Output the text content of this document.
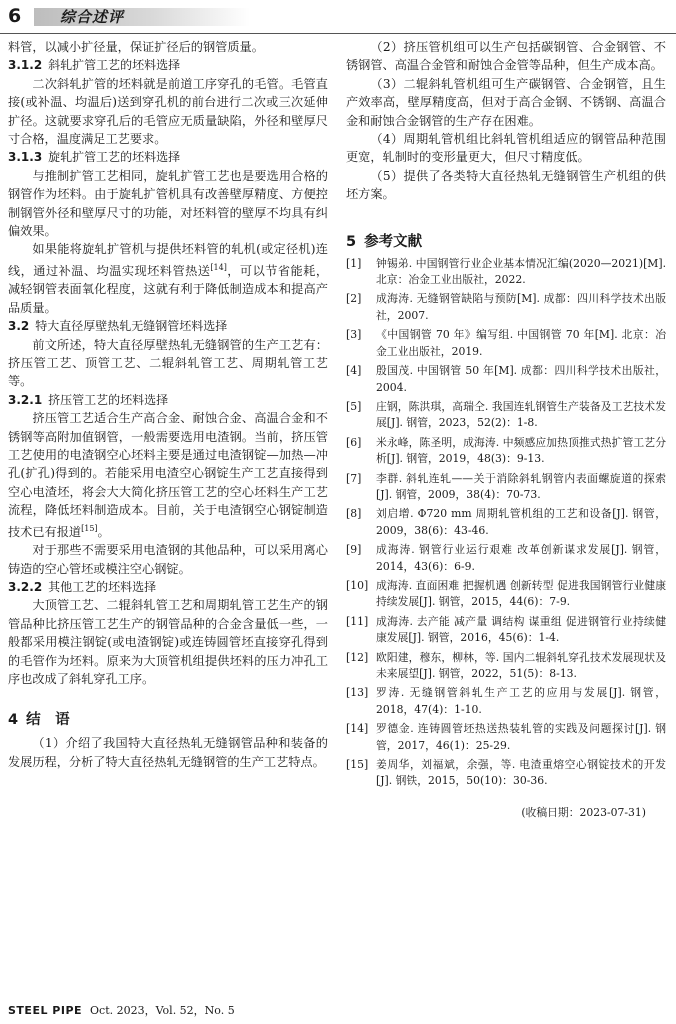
6	综合述评

料管，以减小扩径量，保证扩径后的钢管质量。

3.1.2 斜轧扩管工艺的坯料选择

二次斜轧扩管的坯料就是前道工序穿孔的毛管。毛管直接(或补温、均温后)送到穿孔机的前台进行二次或三次延伸扩径。这就要求穿孔后的毛管应无质量缺陷，外径和壁厚尺寸合格，温度满足工艺要求。

3.1.3 旋轧扩管工艺的坯料选择

与推制扩管工艺相同，旋轧扩管工艺也是要选用合格的钢管作为坯料。由于旋轧扩管机具有改善壁厚精度、方便控制钢管外径和壁厚尺寸的功能，对坯料管的壁厚不均具有纠偏效果。

如果能将旋轧扩管机与提供坯料管的轧机(或定径机)连线，通过补温、均温实现坯料管热送[14]，可以节省能耗，减轻钢管表面氧化程度，这就有利于降低制造成本和提高产品质量。

3.2 特大直径厚壁热轧无缝钢管坯料选择

前文所述，特大直径厚壁热轧无缝钢管的生产工艺有：挤压管工艺、顶管工艺、二辊斜轧管工艺、周期轧管工艺等。

3.2.1 挤压管工艺的坯料选择

挤压管工艺适合生产高合金、耐蚀合金、高温合金和不锈钢等高附加值钢管，一般需要选用电渣钢。当前，挤压管工艺使用的电渣钢空心坯料主要是通过电渣钢锭—加热—冲孔(扩孔)得到的。若能采用电渣空心钢锭生产工艺直接得到空心电渣坯，将会大大简化挤压管工艺的空心坯料生产工艺流程，降低坯料制造成本。目前，关于电渣钢空心钢锭制造技术已有报道[15]。

对于那些不需要采用电渣钢的其他品种，可以采用离心铸造的空心管坯或模注空心钢锭。

3.2.2 其他工艺的坯料选择

大顶管工艺、二辊斜轧管工艺和周期轧管工艺生产的钢管品种比挤压管工艺生产的钢管品种的合金含量低一些，一般都采用模注钢锭(或电渣钢锭)或连铸圆管坯直接穿孔得到的毛管作为坯料。原来为大顶管机组提供坯料的压力冲孔工序也改成了斜轧穿孔工序。

4 结　语

（1）介绍了我国特大直径热轧无缝钢管品种和装备的发展历程，分析了特大直径热轧无缝钢管的生产工艺特点。

（2）挤压管机组可以生产包括碳钢管、合金钢管、不锈钢管、高温合金管和耐蚀合金管等品种，但生产成本高。

（3）二辊斜轧管机组可生产碳钢管、合金钢管，且生产效率高，壁厚精度高，但对于高合金钢、不锈钢、高温合金和耐蚀合金钢管的生产存在困难。

（4）周期轧管机组比斜轧管机组适应的钢管品种范围更宽，轧制时的变形量更大，但尺寸精度低。

（5）提供了各类特大直径热轧无缝钢管生产机组的供坯方案。

5 参考文献
[1]	钟锡弟. 中国钢管行业企业基本情况汇编(2020—2021)[M]. 北京：冶金工业出版社，2022.
[2]	成海涛. 无缝钢管缺陷与预防[M]. 成都：四川科学技术出版社，2007.
[3]	《中国钢管 70 年》编写组. 中国钢管 70 年[M]. 北京：冶金工业出版社，2019.
[4]	殷国茂. 中国钢管 50 年[M]. 成都：四川科学技术出版社，2004.
[5]	庄钢，陈洪琪，高瑞仝. 我国连轧钢管生产装备及工艺技术发展[J]. 钢管，2023，52(2)：1-8.
[6]	米永峰，陈圣明，成海涛. 中频感应加热顶推式热扩管工艺分析[J]. 钢管，2019，48(3)：9-13.
[7]	李群. 斜轧连轧——关于消除斜轧钢管内表面螺旋道的探索[J]. 钢管，2009，38(4)：70-73.
[8]	刘启增. Φ720 mm 周期轧管机组的工艺和设备[J]. 钢管，2009，38(6)：43-46.
[9]	成海涛. 钢管行业运行艰难 改革创新谋求发展[J]. 钢管，2014，43(6)：6-9.
[10] 成海涛. 直面困难 把握机遇 创新转型 促进我国钢管行业健康持续发展[J]. 钢管，2015，44(6)：7-9.
[11] 成海涛. 去产能 减产量 调结构 谋重组 促进钢管行业持续健康发展[J]. 钢管，2016，45(6)：1-4.
[12] 欧阳建，穆东，柳林，等. 国内二辊斜轧穿孔技术发展现状及未来展望[J]. 钢管，2022，51(5)：8-13.
[13] 罗涛. 无缝钢管斜轧生产工艺的应用与发展[J]. 钢管，2018，47(4)：1-10.
[14] 罗德金. 连铸圆管坯热送热装轧管的实践及问题探讨[J]. 钢管，2017，46(1)：25-29.
[15] 姜周华，刘福斌，余强，等. 电渣重熔空心钢锭技术的开发[J]. 钢铁，2015，50(10)：30-36.
(收稿日期：2023-07-31)
STEEL PIPE Oct. 2023，Vol. 52，No. 5
